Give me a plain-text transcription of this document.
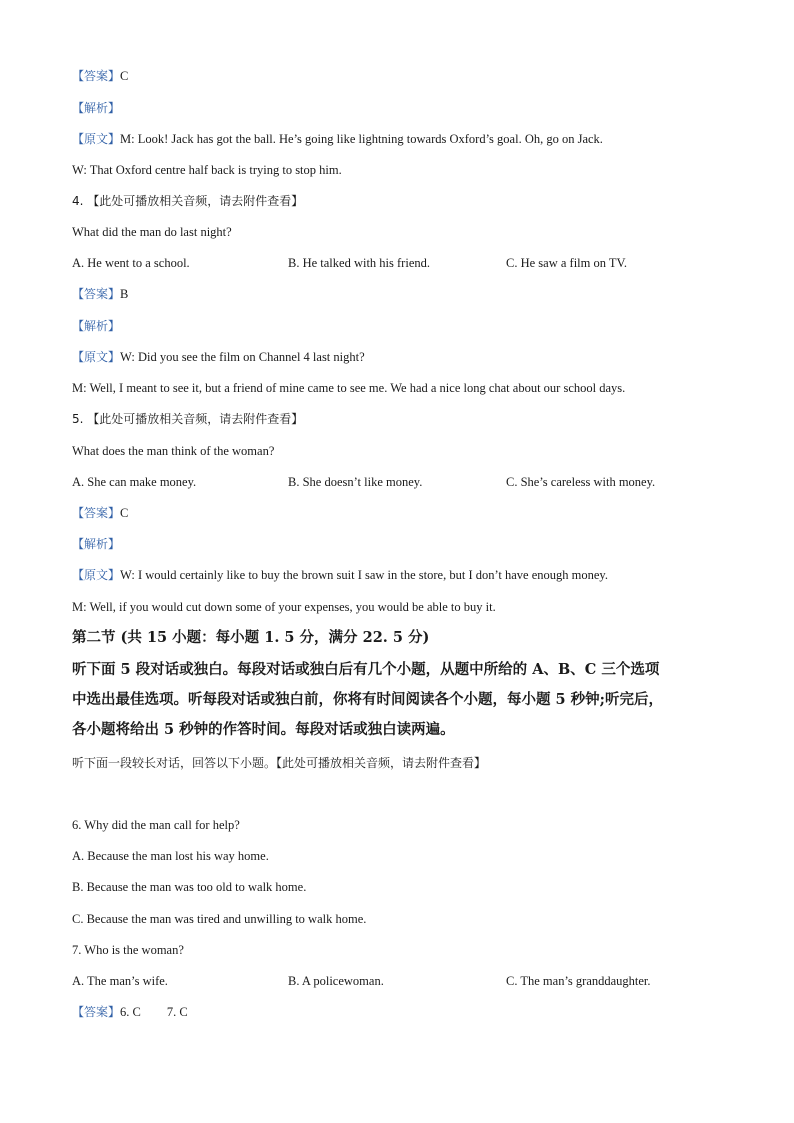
【答案】C
【解析】
【原文】M: Look! Jack has got the ball. He’s going like lightning towards Oxford’s goal. Oh, go on Jack.
W: That Oxford centre half back is trying to stop him.
4. 【此处可播放相关音频，请去附件查看】
What did the man do last night?
A. He went to a school.	B. He talked with his friend.	C. He saw a film on TV.
【答案】B
【解析】
【原文】W: Did you see the film on Channel 4 last night?
M: Well, I meant to see it, but a friend of mine came to see me. We had a nice long chat about our school days.
5. 【此处可播放相关音频，请去附件查看】
What does the man think of the woman?
A. She can make money.	B. She doesn’t like money.	C. She’s careless with money.
【答案】C
【解析】
【原文】W: I would certainly like to buy the brown suit I saw in the store, but I don’t have enough money.
M: Well, if you would cut down some of your expenses, you would be able to buy it.
第二节 (共 15 小题：每小题 1. 5 分，满分 22. 5 分)
听下面 5 段对话或独白。每段对话或独白后有几个小题，从题中所给的 A、B、C 三个选项
中选出最佳选项。听每段对话或独白前，你将有时间阅读各个小题，每小题 5 秒钟;听完后，
各小题将给出 5 秒钟的作答时间。每段对话或独白读两遍。
听下面一段较长对话，回答以下小题。【此处可播放相关音频，请去附件查看】
6. Why did the man call for help?
A. Because the man lost his way home.
B. Because the man was too old to walk home.
C. Because the man was tired and unwilling to walk home.
7. Who is the woman?
A. The man’s wife.	B. A policewoman.	C. The man’s granddaughter.
【答案】6. C 7. C
